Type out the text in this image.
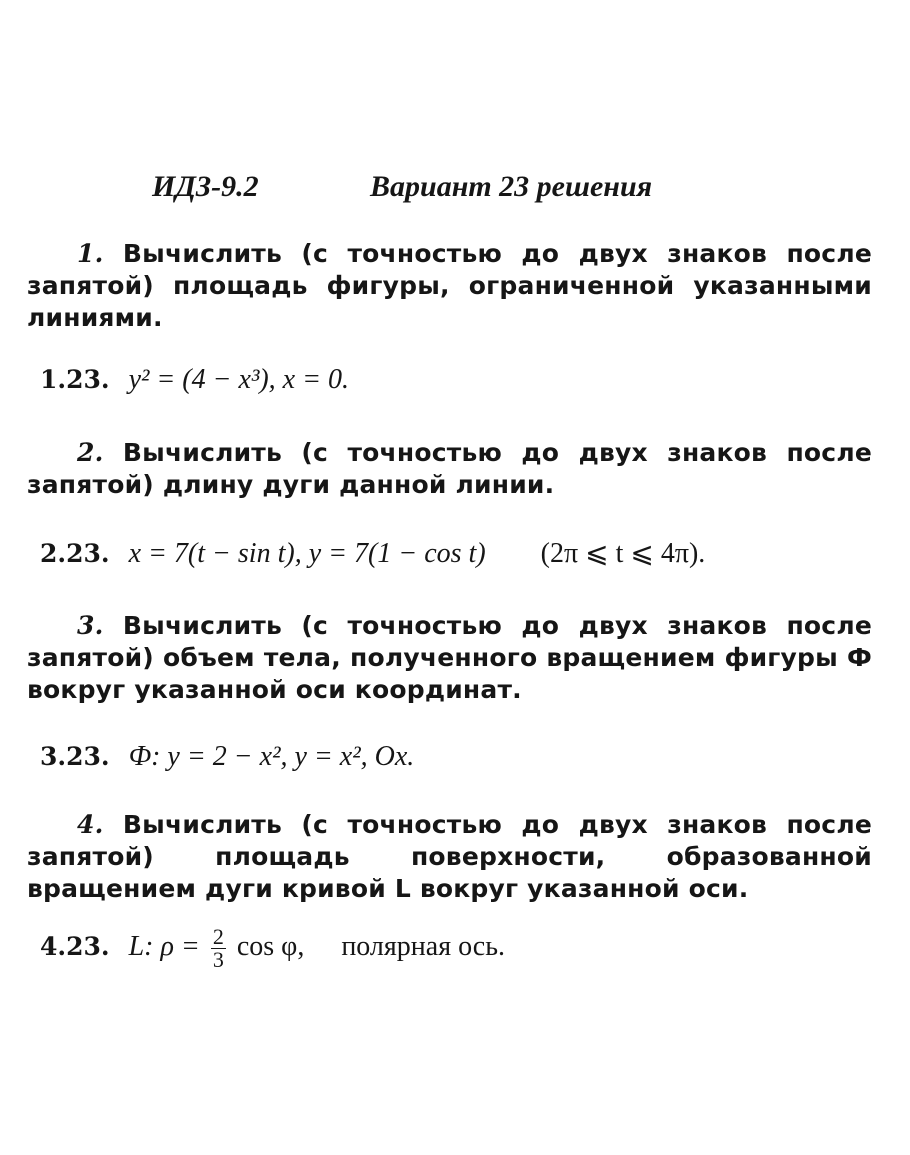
ИДЗ-9.2	Вариант 23 решения
1. Вычислить (с точностью до двух знаков после запятой) площадь фигуры, ограниченной указанными линиями.
1.23. y² = (4 − x³), x = 0.
2. Вычислить (с точностью до двух знаков после запятой) длину дуги данной линии.
2.23. x = 7(t − sin t), y = 7(1 − cos t) (2π ⩽ t ⩽ 4π).
3. Вычислить (с точностью до двух знаков после запятой) объем тела, полученного вращением фигуры Ф вокруг указанной оси координат.
3.23. Ф: y = 2 − x², y = x², Ox.
4. Вычислить (с точностью до двух знаков после запятой) площадь поверхности, образованной вращением дуги кривой L вокруг указанной оси.
4.23. L: $\rho = \frac{2}{3}$ cos φ, полярная ось.
